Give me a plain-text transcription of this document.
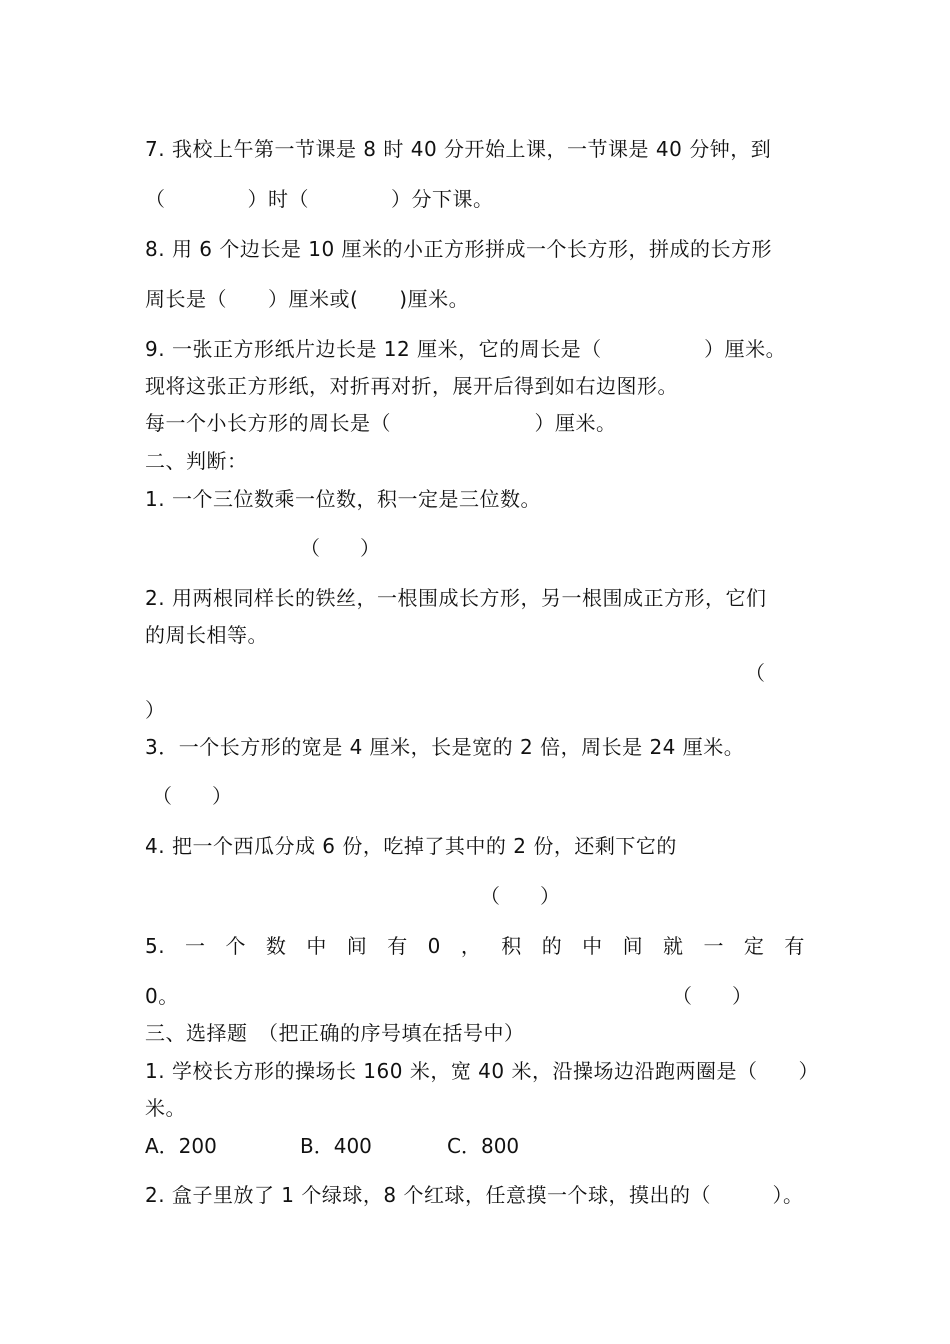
7. 我校上午第一节课是 8 时 40 分开始上课，一节课是 40 分钟，到
（　　　　）时（　　　　）分下课。
8. 用 6 个边长是 10 厘米的小正方形拼成一个长方形，拼成的长方形
周长是（　　）厘米或(　　)厘米。
9. 一张正方形纸片边长是 12 厘米，它的周长是（　　　　　）厘米。
现将这张正方形纸，对折再对折，展开后得到如右边图形。
每一个小长方形的周长是（　　　　　　　）厘米。
二、判断：
1. 一个三位数乘一位数，积一定是三位数。
（　　）
2. 用两根同样长的铁丝，一根围成长方形，另一根围成正方形，它们
的周长相等。
（
）
3．一个长方形的宽是 4 厘米，长是宽的 2 倍，周长是 24 厘米。
（　　）
4. 把一个西瓜分成 6 份，吃掉了其中的 2 份，还剩下它的
（　　）
5. 一 个 数 中 间 有 0 ， 积 的 中 间 就 一 定 有
0。	（　　）
三、选择题　（把正确的序号填在括号中）
1. 学校长方形的操场长 160 米，宽 40 米，沿操场边沿跑两圈是（　　）
米。
A．200	B．400	C．800
2. 盒子里放了 1 个绿球，8 个红球，任意摸一个球，摸出的（　　　）。
